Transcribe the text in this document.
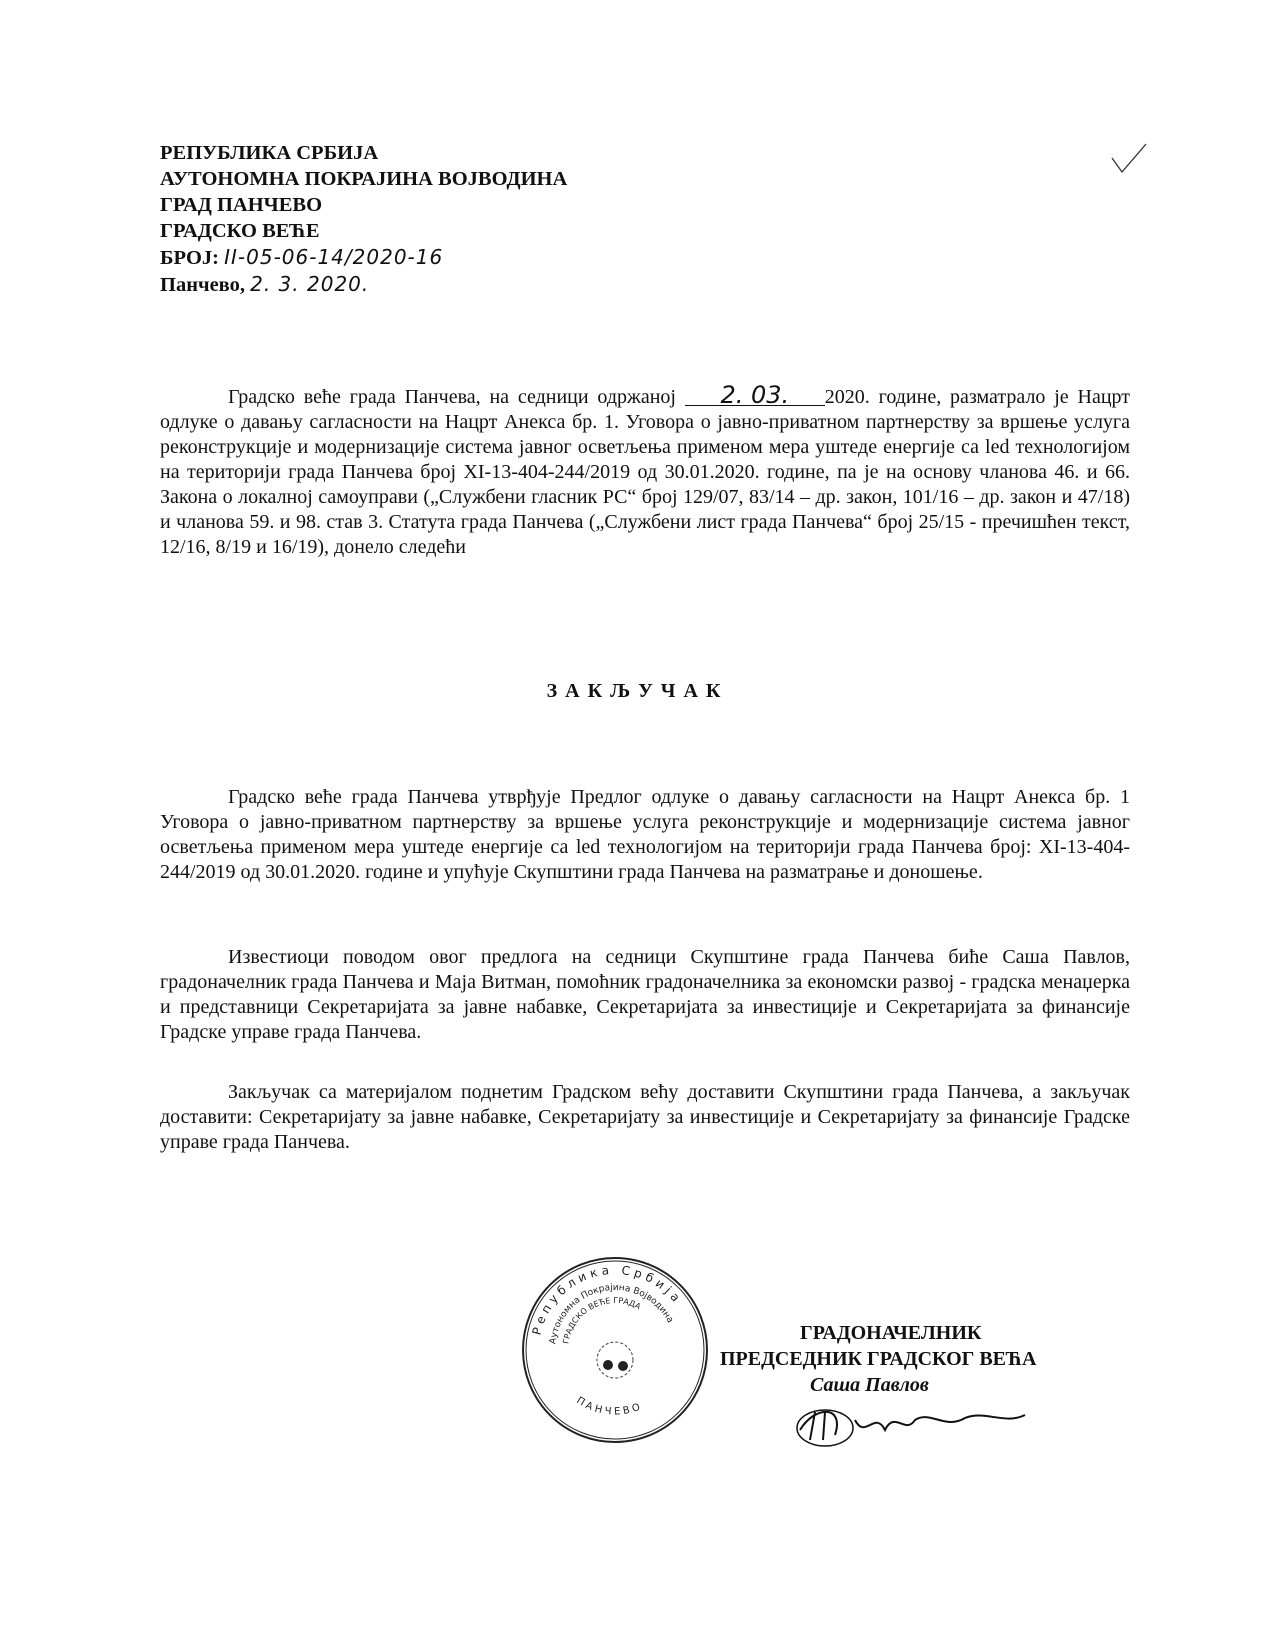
РЕПУБЛИКА СРБИЈА
АУТОНОМНА ПОКРАЈИНА ВОЈВОДИНА
ГРАД ПАНЧЕВО
ГРАДСКО ВЕЋЕ
БРОЈ: II-05-06-14/2020-16
Панчево, 2. 3. 2020.
Градско веће града Панчева, на седници одржаној 2. 03. 2020. године, разматрало је Нацрт одлуке о давању сагласности на Нацрт Анекса бр. 1. Уговора о јавно-приватном партнерству за вршење услуга реконструкције и модернизације система јавног осветљења применом мера уштеде енергије са led технологијом на територији града Панчева број XI-13-404-244/2019 од 30.01.2020. године, па је на основу чланова 46. и 66. Закона о локалној самоуправи („Службени гласник РС“ број 129/07, 83/14 – др. закон, 101/16 – др. закон и 47/18) и чланова 59. и 98. став 3. Статута града Панчева („Службени лист града Панчева“ број 25/15 - пречишћен текст, 12/16, 8/19 и 16/19), донело следећи
ЗАКЉУЧАК
Градско веће града Панчева утврђује Предлог одлуке о давању сагласности на Нацрт Анекса бр. 1 Уговора о јавно-приватном партнерству за вршење услуга реконструкције и модернизације система јавног осветљења применом мера уштеде енергије са led технологијом на територији града Панчева број: XI-13-404-244/2019 од 30.01.2020. године и упућује Скупштини града Панчева на разматрање и доношење.
Известиоци поводом овог предлога на седници Скупштине града Панчева биће Саша Павлов, градоначелник града Панчева и Маја Витман, помоћник градоначелника за економски развој - градска менаџерка и представници Секретаријата за јавне набавке, Секретаријата за инвестиције и Секретаријата за финансије Градске управе града Панчева.
Закључак са материјалом поднетим Градском већу доставити Скупштини града Панчева, а закључак доставити: Секретаријату за јавне набавке, Секретаријату за инвестиције и Секретаријату за финансије Градске управе града Панчева.
Република Србија
Аутономна Покрајина Војводина
ГРАДСКО ВЕЋЕ ГРАДА
ПАНЧЕВО
ГРАДОНАЧЕЛНИК
ПРЕДСЕДНИК ГРАДСКОГ ВЕЋА
Саша Павлов
